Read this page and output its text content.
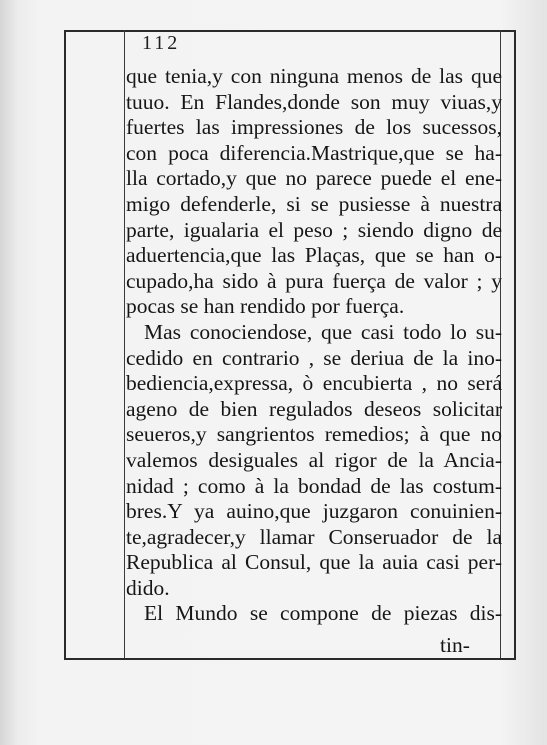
112
que tenia,y con ninguna menos de las que
tuuo. En Flandes,donde son muy viuas,y
fuertes las impressiones de los sucessos,
con poca diferencia.Mastrique,que se ha-
lla cortado,y que no parece puede el ene-
migo defenderle, si se pusiesse à nuestra
parte, igualaria el peso ; siendo digno de
aduertencia,que las Plaças, que se han o-
cupado,ha sido à pura fuerça de valor ; y
pocas se han rendido por fuerça.
Mas conociendose, que casi todo lo su-
cedido en contrario , se deriua de la ino-
bediencia,expressa, ò encubierta , no será
ageno de bien regulados deseos solicitar
seueros,y sangrientos remedios; à que no
valemos desiguales al rigor de la Ancia-
nidad ; como à la bondad de las costum-
bres.Y ya auino,que juzgaron conuinien-
te,agradecer,y llamar Conseruador de la
Republica al Consul, que la auia casi per-
dido.
El Mundo se compone de piezas dis-
tin-
